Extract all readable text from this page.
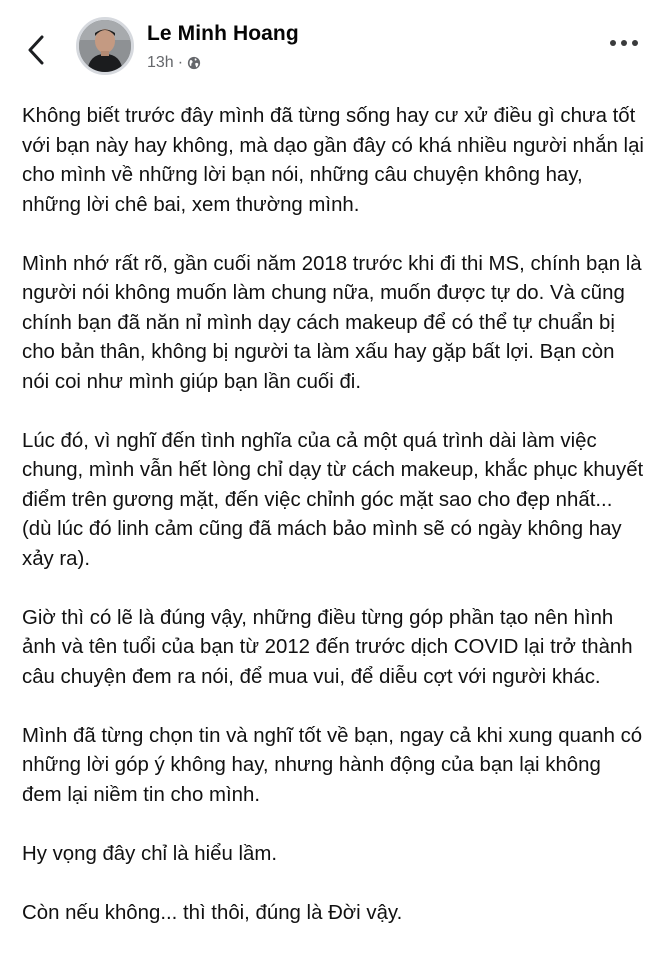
Le Minh Hoang
13h ·

Không biết trước đây mình đã từng sống hay cư xử điều gì chưa tốt với bạn này hay không, mà dạo gần đây có khá nhiều người nhắn lại cho mình về những lời bạn nói, những câu chuyện không hay, những lời chê bai, xem thường mình.

Mình nhớ rất rõ, gần cuối năm 2018 trước khi đi thi MS, chính bạn là người nói không muốn làm chung nữa, muốn được tự do. Và cũng chính bạn đã năn nỉ mình dạy cách makeup để có thể tự chuẩn bị cho bản thân, không bị người ta làm xấu hay gặp bất lợi. Bạn còn nói coi như mình giúp bạn lần cuối đi.

Lúc đó, vì nghĩ đến tình nghĩa của cả một quá trình dài làm việc chung, mình vẫn hết lòng chỉ dạy từ cách makeup, khắc phục khuyết điểm trên gương mặt, đến việc chỉnh góc mặt sao cho đẹp nhất... (dù lúc đó linh cảm cũng đã mách bảo mình sẽ có ngày không hay xảy ra).

Giờ thì có lẽ là đúng vậy, những điều từng góp phần tạo nên hình ảnh và tên tuổi của bạn từ 2012 đến trước dịch COVID lại trở thành câu chuyện đem ra nói, để mua vui, để diễu cợt với người khác.

Mình đã từng chọn tin và nghĩ tốt về bạn, ngay cả khi xung quanh có những lời góp ý không hay, nhưng hành động của bạn lại không đem lại niềm tin cho mình.

Hy vọng đây chỉ là hiểu lầm.

Còn nếu không... thì thôi, đúng là Đời vậy.
